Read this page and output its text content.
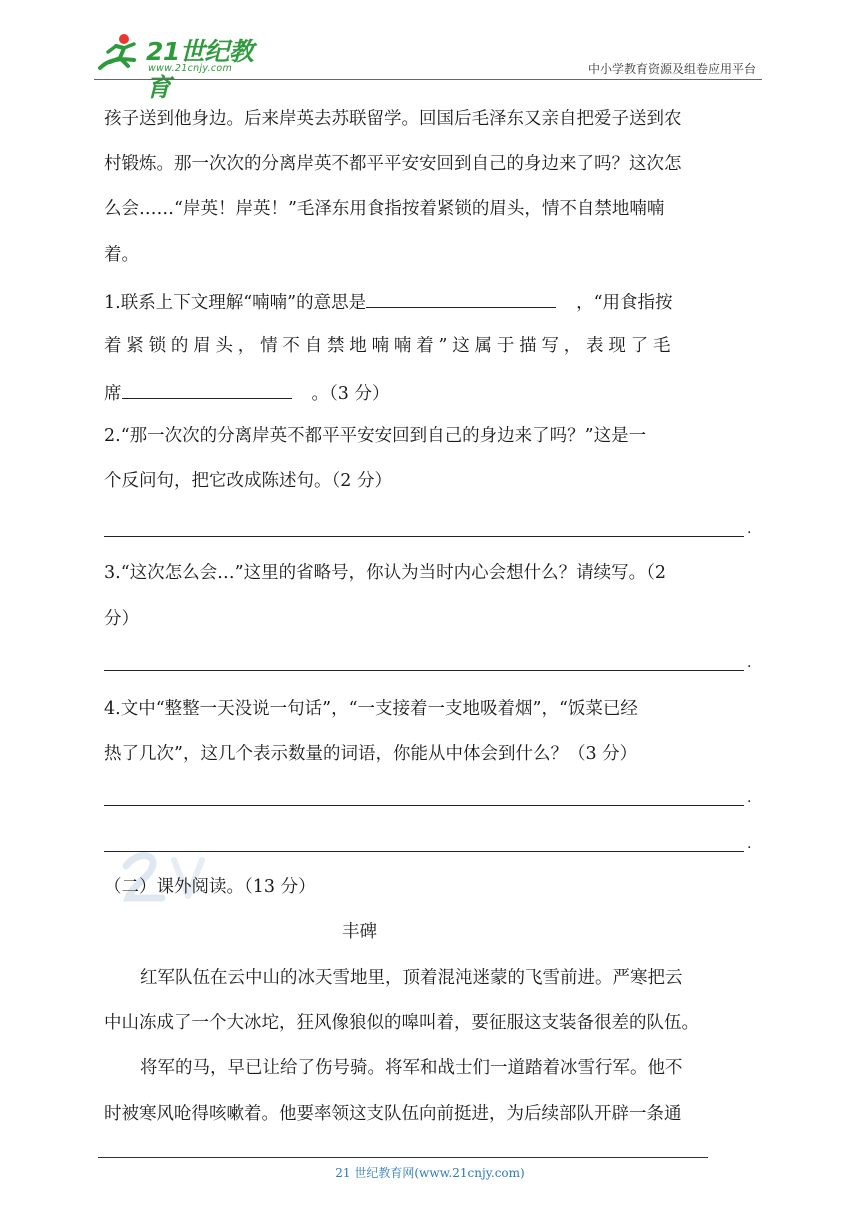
21世纪教育
www.21cnjy.com	中小学教育资源及组卷应用平台
孩子送到他身边。后来岸英去苏联留学。回国后毛泽东又亲自把爱子送到农
村锻炼。那一次次的分离岸英不都平平安安回到自己的身边来了吗？这次怎
么会……“岸英！岸英！”毛泽东用食指按着紧锁的眉头，情不自禁地喃喃
着。
1.联系上下文理解“喃喃”的意思是	，“用食指按
着紧锁的眉头，情不自禁地喃喃着”这属于描写，表现了毛
席	。（3 分）
2.“那一次次的分离岸英不都平平安安回到自己的身边来了吗？”这是一
个反问句，把它改成陈述句。（2 分）
.
3.“这次怎么会…”这里的省略号，你认为当时内心会想什么？请续写。（2
分）
.
4.文中“整整一天没说一句话”，“一支接着一支地吸着烟”，“饭菜已经
热了几次”，这几个表示数量的词语，你能从中体会到什么？（3 分）
.
.
（二）课外阅读。（13 分）
丰碑
红军队伍在云中山的冰天雪地里，顶着混沌迷蒙的飞雪前进。严寒把云
中山冻成了一个大冰坨，狂风像狼似的嗥叫着，要征服这支装备很差的队伍。
将军的马，早已让给了伤号骑。将军和战士们一道踏着冰雪行军。他不
时被寒风呛得咳嗽着。他要率领这支队伍向前挺进，为后续部队开辟一条通
21 世纪教育网(www.21cnjy.com)
